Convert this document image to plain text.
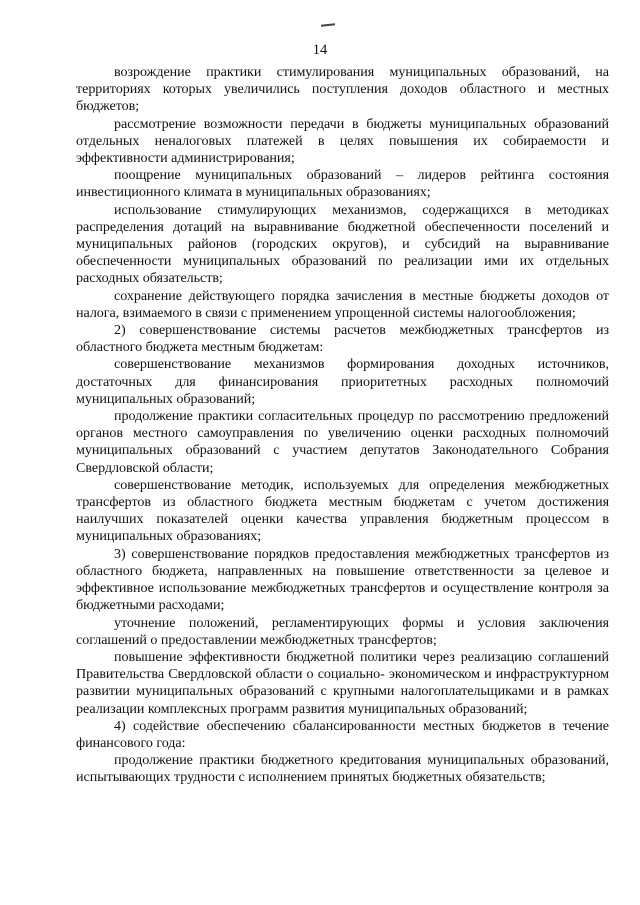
14

возрождение практики стимулирования муниципальных образований, на территориях которых увеличились поступления доходов областного и местных бюджетов;

рассмотрение возможности передачи в бюджеты муниципальных образований отдельных неналоговых платежей в целях повышения их собираемости и эффективности администрирования;

поощрение муниципальных образований – лидеров рейтинга состояния инвестиционного климата в муниципальных образованиях;

использование стимулирующих механизмов, содержащихся в методиках распределения дотаций на выравнивание бюджетной обеспеченности поселений и муниципальных районов (городских округов), и субсидий на выравнивание обеспеченности муниципальных образований по реализации ими их отдельных расходных обязательств;

сохранение действующего порядка зачисления в местные бюджеты доходов от налога, взимаемого в связи с применением упрощенной системы налогообложения;

2) совершенствование системы расчетов межбюджетных трансфертов из областного бюджета местным бюджетам:

совершенствование механизмов формирования доходных источников, достаточных для финансирования приоритетных расходных полномочий муниципальных образований;

продолжение практики согласительных процедур по рассмотрению предложений органов местного самоуправления по увеличению оценки расходных полномочий муниципальных образований с участием депутатов Законодательного Собрания Свердловской области;

совершенствование методик, используемых для определения межбюджетных трансфертов из областного бюджета местным бюджетам с учетом достижения наилучших показателей оценки качества управления бюджетным процессом в муниципальных образованиях;

3) совершенствование порядков предоставления межбюджетных трансфертов из областного бюджета, направленных на повышение ответственности за целевое и эффективное использование межбюджетных трансфертов и осуществление контроля за бюджетными расходами;

уточнение положений, регламентирующих формы и условия заключения соглашений о предоставлении межбюджетных трансфертов;

повышение эффективности бюджетной политики через реализацию соглашений Правительства Свердловской области о социально- экономическом и инфраструктурном развитии муниципальных образований с крупными налогоплательщиками и в рамках реализации комплексных программ развития муниципальных образований;

4) содействие обеспечению сбалансированности местных бюджетов в течение финансового года:

продолжение практики бюджетного кредитования муниципальных образований, испытывающих трудности с исполнением принятых бюджетных обязательств;
